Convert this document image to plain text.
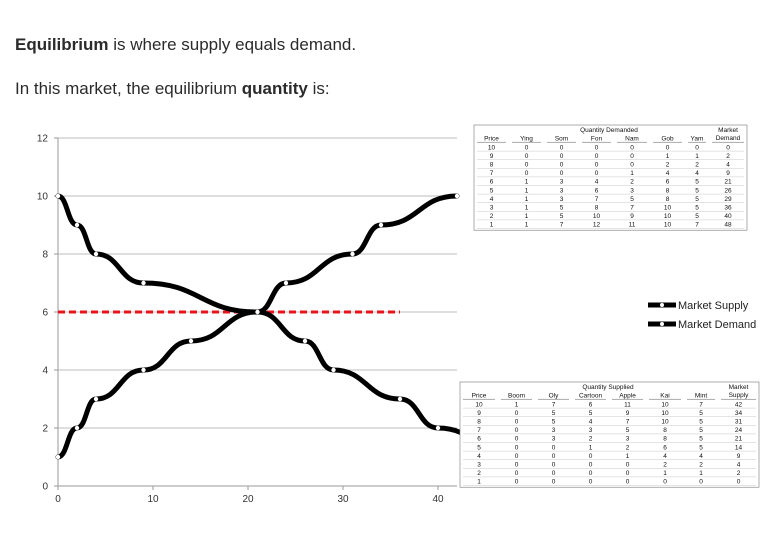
Equilibrium is where supply equals demand.
In this market, the equilibrium quantity is:
0
2
4
6
8
10
12
0	10	20	30	40
Quantity Demanded
Price	Ying	Som	Fon	Nam	Gob	Yam
Market Demand
10	0	0	0	0	0	0	0
9	0	0	0	0	1	1	2
8	0	0	0	0	2	2	4
7	0	0	0	1	4	4	9
6	1	3	4	2	6	5	21
5	1	3	6	3	8	5	26
4	1	3	7	5	8	5	29
3	1	5	8	7	10	5	36
2	1	5	10	9	10	5	40
1	1	7	12	11	10	7	48
Quantity Supplied
Price	Boom	Oly	Cartoon	Apple	Kai	Mint
Market Supply
10	1	7	6	11	10	7	42
9	0	5	5	9	10	5	34
8	0	5	4	7	10	5	31
7	0	3	3	5	8	5	24
6	0	3	2	3	8	5	21
5	0	0	1	2	6	5	14
4	0	0	0	1	4	4	9
3	0	0	0	0	2	2	4
2	0	0	0	0	1	1	2
1	0	0	0	0	0	0	0
Market Supply
Market Demand
